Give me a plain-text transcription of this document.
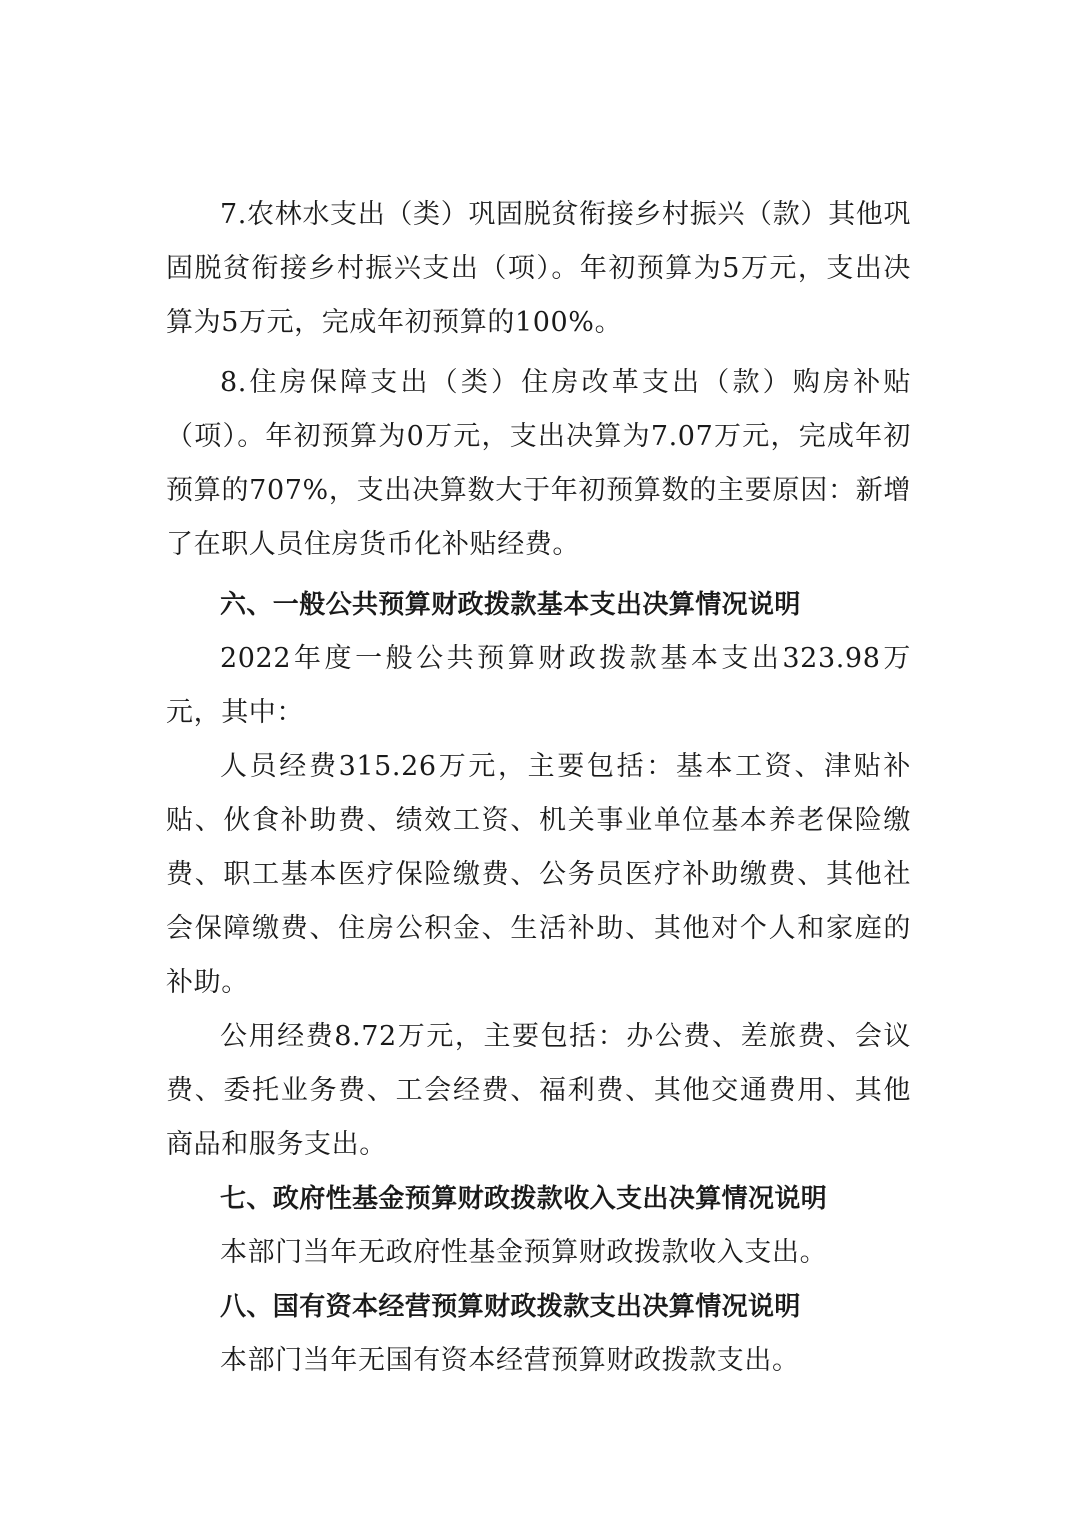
7.农林水支出（类）巩固脱贫衔接乡村振兴（款）其他巩固脱贫衔接乡村振兴支出（项）。年初预算为5万元，支出决算为5万元，完成年初预算的100%。

8.住房保障支出（类）住房改革支出（款）购房补贴（项）。年初预算为0万元，支出决算为7.07万元，完成年初预算的707%，支出决算数大于年初预算数的主要原因：新增了在职人员住房货币化补贴经费。

六、一般公共预算财政拨款基本支出决算情况说明

2022年度一般公共预算财政拨款基本支出323.98万元，其中：

人员经费315.26万元，主要包括：基本工资、津贴补贴、伙食补助费、绩效工资、机关事业单位基本养老保险缴费、职工基本医疗保险缴费、公务员医疗补助缴费、其他社会保障缴费、住房公积金、生活补助、其他对个人和家庭的补助。

公用经费8.72万元，主要包括：办公费、差旅费、会议费、委托业务费、工会经费、福利费、其他交通费用、其他商品和服务支出。

七、政府性基金预算财政拨款收入支出决算情况说明

本部门当年无政府性基金预算财政拨款收入支出。

八、国有资本经营预算财政拨款支出决算情况说明

本部门当年无国有资本经营预算财政拨款支出。
